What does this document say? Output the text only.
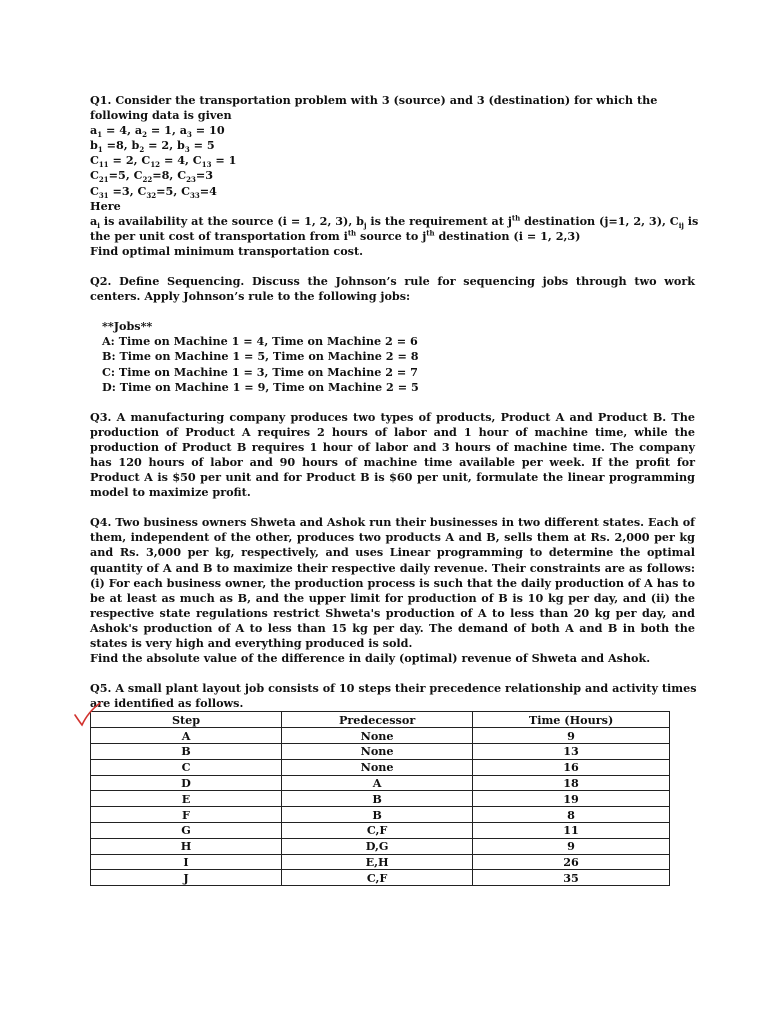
Q1. Consider the transportation problem with 3 (source) and 3 (destination) for which the
following data is given
$a_1 = 4$, $a_2 = 1$, $a_3 = 10$
$b_1 =8$, $b_2 = 2$, $b_3 = 5$
$C_{11} = 2$, $C_{12} = 4$, $C_{13} = 1$
$C_{21}=5$, $C_{22}=8$, $C_{23}=3$
$C_{31} =3$, $C_{32}=5$, $C_{33}=4$
Here
$a_i$ is availability at the source (i = 1, 2, 3), $b_j$ is the requirement at $j^{th}$ destination (j=1, 2, 3), $C_{ij}$ is
the per unit cost of transportation from $i^{th}$ source to $j^{th}$ destination (i = 1, 2,3)
Find optimal minimum transportation cost.
Q2. Define Sequencing. Discuss the Johnson’s rule for sequencing jobs through two work centers. Apply Johnson’s rule to the following jobs:
**Jobs**
A: Time on Machine 1 = 4, Time on Machine 2 = 6
B: Time on Machine 1 = 5, Time on Machine 2 = 8
C: Time on Machine 1 = 3, Time on Machine 2 = 7
D: Time on Machine 1 = 9, Time on Machine 2 = 5
Q3. A manufacturing company produces two types of products, Product A and Product B. The production of Product A requires 2 hours of labor and 1 hour of machine time, while the production of Product B requires 1 hour of labor and 3 hours of machine time. The company has 120 hours of labor and 90 hours of machine time available per week. If the profit for Product A is $50 per unit and for Product B is $60 per unit, formulate the linear programming model to maximize profit.
Q4. Two business owners Shweta and Ashok run their businesses in two different states. Each of them, independent of the other, produces two products A and B, sells them at Rs. 2,000 per kg and Rs. 3,000 per kg, respectively, and uses Linear programming to determine the optimal quantity of A and B to maximize their respective daily revenue. Their constraints are as follows: (i) For each business owner, the production process is such that the daily production of A has to be at least as much as B, and the upper limit for production of B is 10 kg per day, and (ii) the respective state regulations restrict Shweta's production of A to less than 20 kg per day, and Ashok's production of A to less than 15 kg per day. The demand of both A and B in both the states is very high and everything produced is sold.
Find the absolute value of the difference in daily (optimal) revenue of Shweta and Ashok.
Q5. A small plant layout job consists of 10 steps their precedence relationship and activity times
are identified as follows.
Step	Predecessor	Time (Hours)
A	None	9
B	None	13
C	None	16
D	A	18
E	B	19
F	B	8
G	C,F	11
H	D,G	9
I	E,H	26
J	C,F	35
